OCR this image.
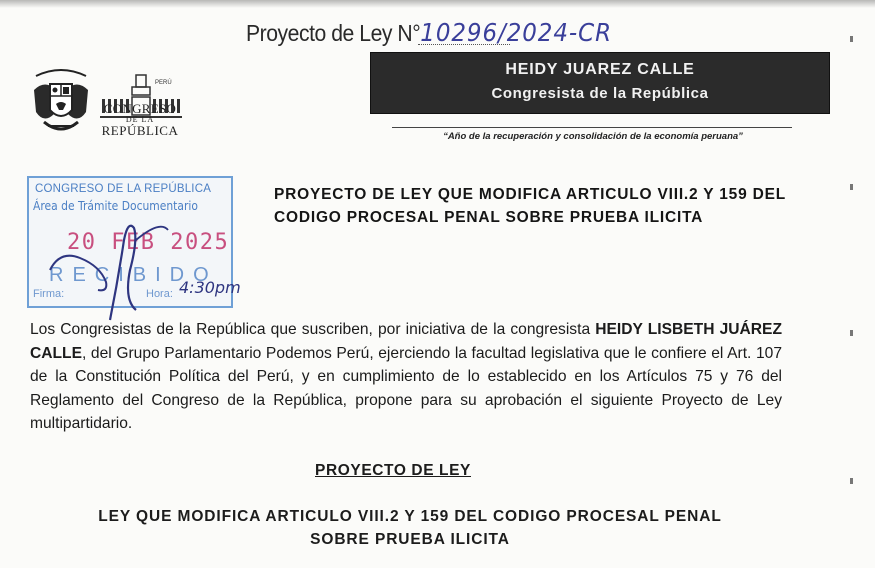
Proyecto de Ley N°10296/2024-CR
PERÚ
CONGRESO
DE LA
REPÚBLICA
HEIDY JUAREZ CALLE
Congresista de la República
“Año de la recuperación y consolidación de la economía peruana”
CONGRESO DE LA REPÚBLICA
Área de Trámite Documentario
20 FEB 2025
RECIBIDO
Firma:	Hora: 4:30pm
PROYECTO DE LEY QUE MODIFICA ARTICULO VIII.2 Y 159 DEL CODIGO PROCESAL PENAL SOBRE PRUEBA ILICITA
Los Congresistas de la República que suscriben, por iniciativa de la congresista HEIDY LISBETH JUÁREZ CALLE, del Grupo Parlamentario Podemos Perú, ejerciendo la facultad legislativa que le confiere el Art. 107 de la Constitución Política del Perú, y en cumplimiento de lo establecido en los Artículos 75 y 76 del Reglamento del Congreso de la República, propone para su aprobación el siguiente Proyecto de Ley multipartidario.
PROYECTO DE LEY
LEY QUE MODIFICA ARTICULO VIII.2 Y 159 DEL CODIGO PROCESAL PENAL
SOBRE PRUEBA ILICITA
